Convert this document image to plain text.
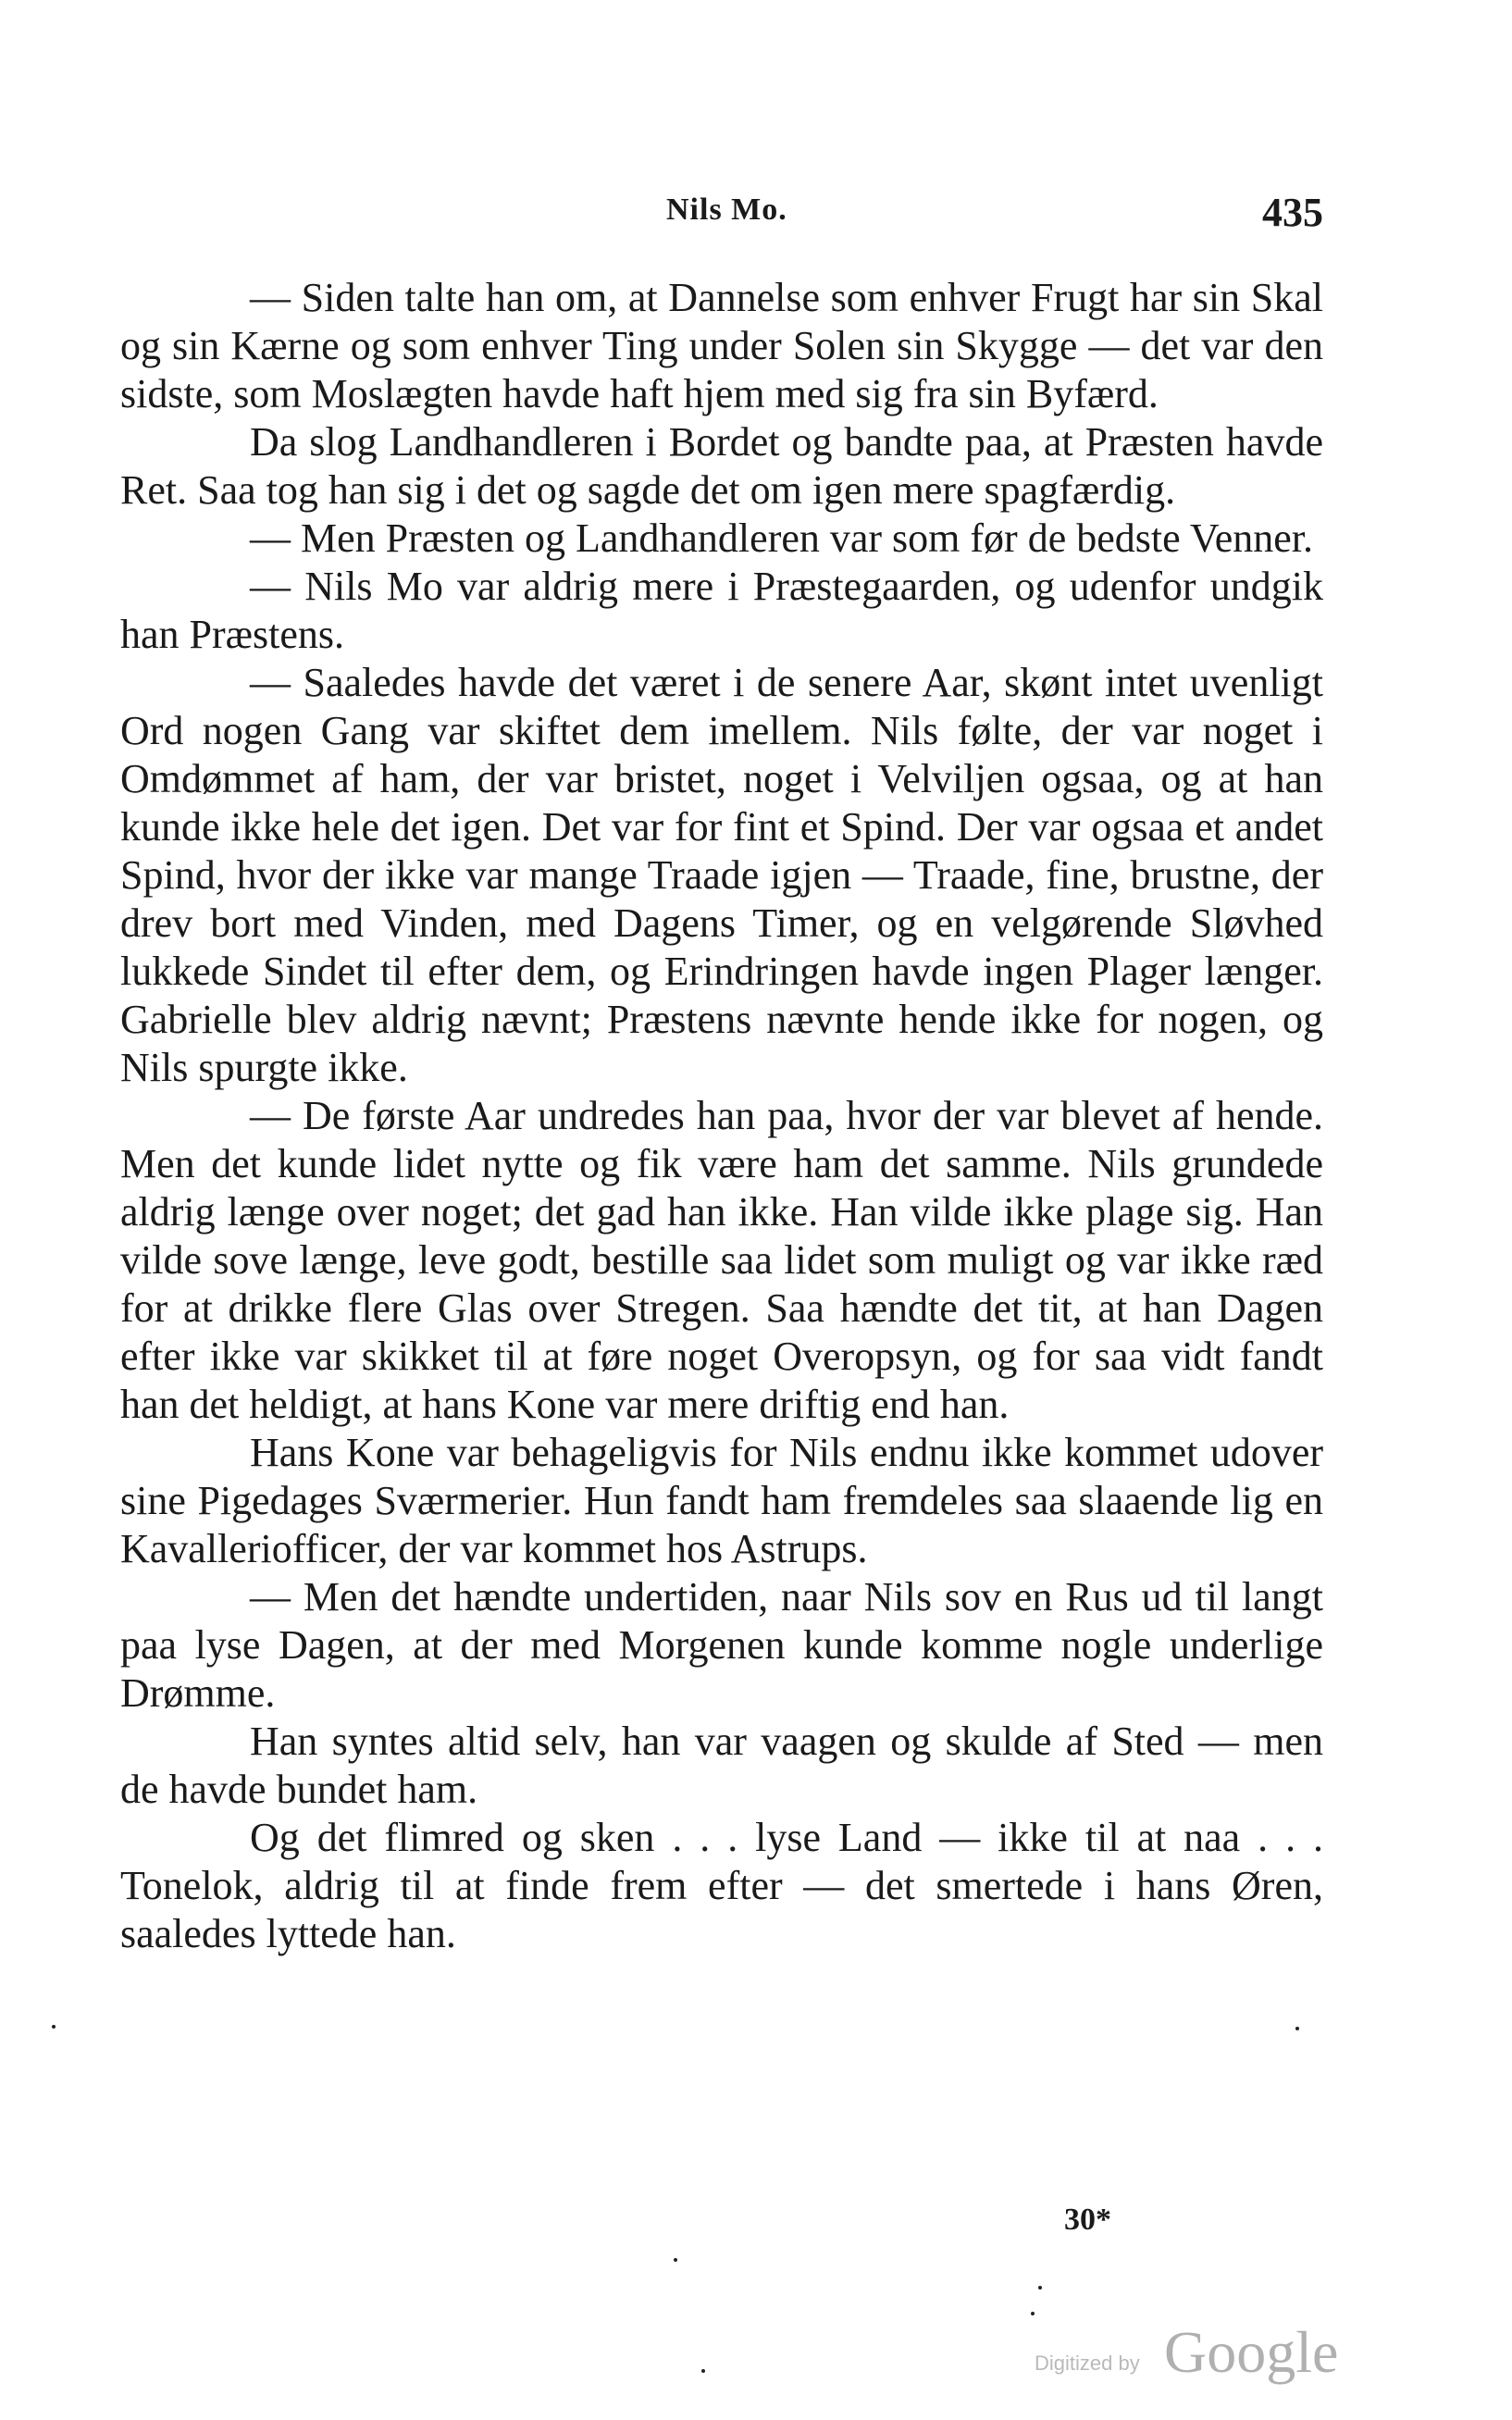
Nils Mo.	435

— Siden talte han om, at Dannelse som enhver Frugt har sin Skal og sin Kærne og som enhver Ting under Solen sin Skygge — det var den sidste, som Moslægten havde haft hjem med sig fra sin Byfærd.

Da slog Landhandleren i Bordet og bandte paa, at Præsten havde Ret. Saa tog han sig i det og sagde det om igen mere spagfærdig.

— Men Præsten og Landhandleren var som før de bedste Venner.

— Nils Mo var aldrig mere i Præstegaarden, og udenfor undgik han Præstens.

— Saaledes havde det været i de senere Aar, skønt intet uvenligt Ord nogen Gang var skiftet dem imellem. Nils følte, der var noget i Omdømmet af ham, der var bristet, noget i Velviljen ogsaa, og at han kunde ikke hele det igen. Det var for fint et Spind. Der var ogsaa et andet Spind, hvor der ikke var mange Traade igjen — Traade, fine, brustne, der drev bort med Vinden, med Dagens Timer, og en velgørende Sløvhed lukkede Sindet til efter dem, og Erindringen havde ingen Plager længer. Gabrielle blev aldrig nævnt; Præstens nævnte hende ikke for nogen, og Nils spurgte ikke.

— De første Aar undredes han paa, hvor der var blevet af hende. Men det kunde lidet nytte og fik være ham det samme. Nils grundede aldrig længe over noget; det gad han ikke. Han vilde ikke plage sig. Han vilde sove længe, leve godt, bestille saa lidet som muligt og var ikke ræd for at drikke flere Glas over Stregen. Saa hændte det tit, at han Dagen efter ikke var skikket til at føre noget Overopsyn, og for saa vidt fandt han det heldigt, at hans Kone var mere driftig end han.

Hans Kone var behageligvis for Nils endnu ikke kommet udover sine Pigedages Sværmerier. Hun fandt ham fremdeles saa slaaende lig en Kavalleriofficer, der var kommet hos Astrups.

— Men det hændte undertiden, naar Nils sov en Rus ud til langt paa lyse Dagen, at der med Morgenen kunde komme nogle underlige Drømme.

Han syntes altid selv, han var vaagen og skulde af Sted — men de havde bundet ham.

Og det flimred og sken . . . lyse Land — ikke til at naa . . . Tonelok, aldrig til at finde frem efter — det smertede i hans Øren, saaledes lyttede han.

30*
Digitized by Google
